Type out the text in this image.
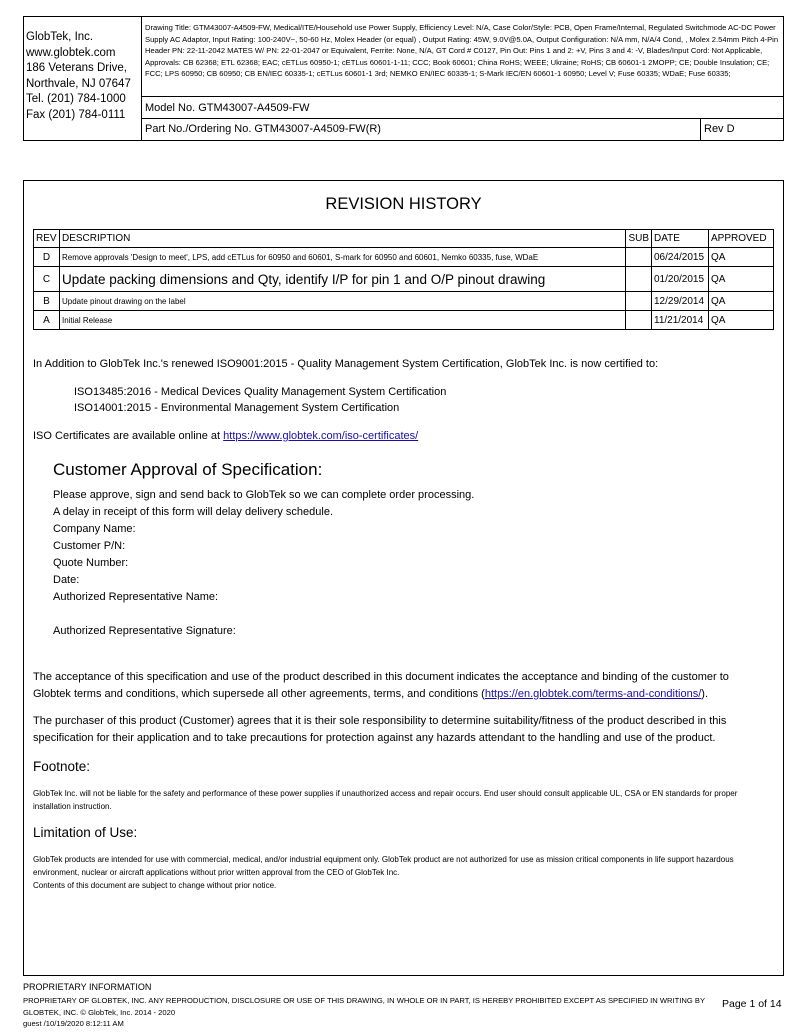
GlobTek, Inc.
www.globtek.com
186 Veterans Drive,
Northvale, NJ 07647
Tel. (201) 784-1000
Fax (201) 784-0111
Drawing Title: GTM43007-A4509-FW, Medical/ITE/Household use Power Supply, Efficiency Level: N/A, Case Color/Style: PCB, Open Frame/Internal, Regulated Switchmode AC-DC Power Supply AC Adaptor, Input Rating: 100-240V~, 50-60 Hz, Molex Header (or equal) , Output Rating: 45W, 9.0V@5.0A, Output Configuration: N/A mm, N/A/4 Cond, , Molex 2.54mm Pitch 4-Pin Header PN: 22-11-2042 MATES W/ PN: 22-01-2047 or Equivalent, Ferrite: None, N/A, GT Cord # C0127, Pin Out: Pins 1 and 2: +V, Pins 3 and 4: -V, Blades/Input Cord: Not Applicable, Approvals: CB 62368; ETL 62368; EAC; cETLus 60950-1; cETLus 60601-1-11; CCC; Book 60601; China RoHS; WEEE; Ukraine; RoHS; CB 60601-1 2MOPP; CE; Double Insulation; CE; FCC; LPS 60950; CB 60950; CB EN/IEC 60335-1; cETLus 60601-1 3rd; NEMKO EN/IEC 60335-1; S-Mark IEC/EN 60601-1 60950; Level V; Fuse 60335; WDaE; Fuse 60335;
Model No. GTM43007-A4509-FW
Part No./Ordering No. GTM43007-A4509-FW(R)	Rev D
REVISION HISTORY
REV	DESCRIPTION	SUB	DATE	APPROVED
D	Remove approvals 'Design to meet', LPS, add cETLus for 60950 and 60601, S-mark for 60950 and 60601, Nemko 60335, fuse, WDaE		06/24/2015	QA
C	Update packing dimensions and Qty, identify I/P for pin 1 and O/P pinout drawing		01/20/2015	QA
B	Update pinout drawing on the label		12/29/2014	QA
A	Initial Release		11/21/2014	QA
In Addition to GlobTek Inc.'s renewed ISO9001:2015 - Quality Management System Certification, GlobTek Inc. is now certified to:
ISO13485:2016 - Medical Devices Quality Management System Certification
ISO14001:2015 - Environmental Management System Certification
ISO Certificates are available online at https://www.globtek.com/iso-certificates/
Customer Approval of Specification:
Please approve, sign and send back to GlobTek so we can complete order processing.
A delay in receipt of this form will delay delivery schedule.
Company Name:
Customer P/N:
Quote Number:
Date:
Authorized Representative Name:
Authorized Representative Signature:
The acceptance of this specification and use of the product described in this document indicates the acceptance and binding of the customer to Globtek terms and conditions, which supersede all other agreements, terms, and conditions (https://en.globtek.com/terms-and-conditions/).
The purchaser of this product (Customer) agrees that it is their sole responsibility to determine suitability/fitness of the product described in this specification for their application and to take precautions for protection against any hazards attendant to the handling and use of the product.
Footnote:
GlobTek Inc. will not be liable for the safety and performance of these power supplies if unauthorized access and repair occurs. End user should consult applicable UL, CSA or EN standards for proper installation instruction.
Limitation of Use:
GlobTek products are intended for use with commercial, medical, and/or industrial equipment only. GlobTek product are not authorized for use as mission critical components in life support hazardous environment, nuclear or aircraft applications without prior written approval from the CEO of GlobTek Inc.
Contents of this document are subject to change without prior notice.
PROPRIETARY INFORMATION
PROPRIETARY OF GLOBTEK, INC. ANY REPRODUCTION, DISCLOSURE OR USE OF THIS DRAWING, IN WHOLE OR IN PART, IS HEREBY PROHIBITED EXCEPT AS SPECIFIED IN WRITING BY GLOBTEK, INC. © GlobTek, Inc. 2014 - 2020
guest /10/19/2020 8:12:11 AM
Page 1 of 14
